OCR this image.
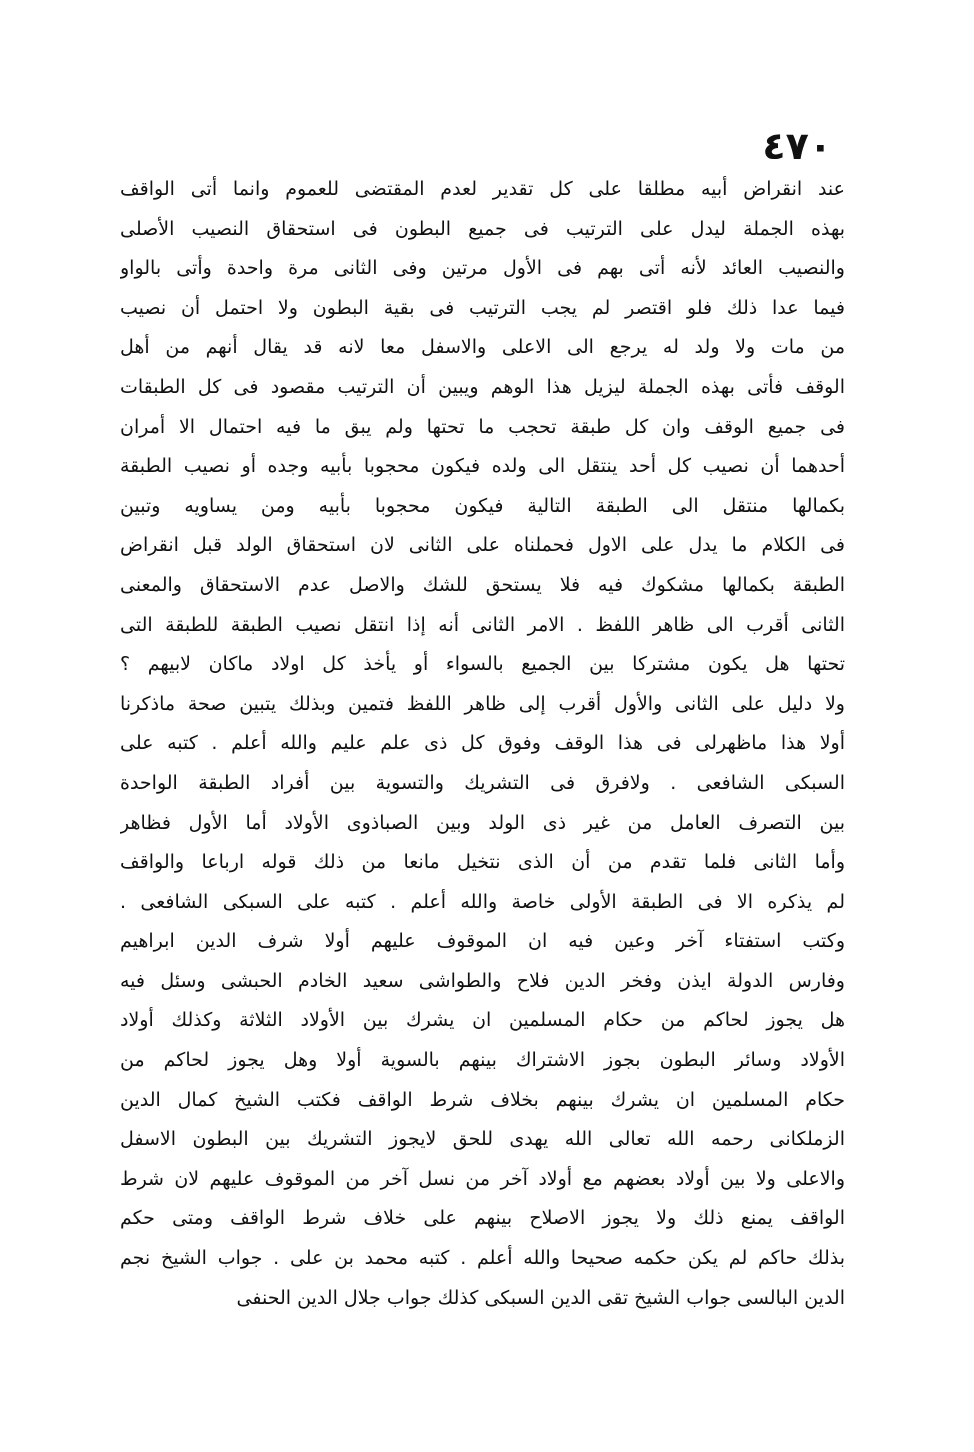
٤٧٠
عند انقراض أبيه مطلقا على كل تقدير لعدم المقتضى للعموم وانما أتى الواقف
بهذه الجملة ليدل على الترتيب فى جميع البطون فى استحقاق النصيب الأصلى
والنصيب العائد لأنه أتى بهم فى الأول مرتين وفى الثانى مرة واحدة وأتى بالواو
فيما عدا ذلك فلو اقتصر لم يجب الترتيب فى بقية البطون ولا احتمل أن نصيب
من مات ولا ولد له يرجع الى الاعلى والاسفل معا لانه قد يقال أنهم من أهل
الوقف فأتى بهذه الجملة ليزيل هذا الوهم ويبين أن الترتيب مقصود فى كل الطبقات
فى جميع الوقف وان كل طبقة تحجب ما تحتها ولم يبق ما فيه احتمال الا أمران
أحدهما أن نصيب كل أحد ينتقل الى ولده فيكون محجوبا بأبيه وجده أو نصيب الطبقة
بكمالها منتقل الى الطبقة التالية فيكون محجوبا بأبيه ومن يساويه وتبين
فى الكلام ما يدل على الاول فحملناه على الثانى لان استحقاق الولد قبل انقراض
الطبقة بكمالها مشكوك فيه فلا يستحق للشك والاصل عدم الاستحقاق والمعنى
الثانى أقرب الى ظاهر اللفظ . الامر الثانى أنه إذا انتقل نصيب الطبقة للطبقة التى
تحتها هل يكون مشتركا بين الجميع بالسواء أو يأخذ كل اولاد ماكان لابيهم ؟
ولا دليل على الثانى والأول أقرب إلى ظاهر اللفظ فتمين وبذلك يتبين صحة ماذكرنا
أولا هذا ماظهرلى فى هذا الوقف وفوق كل ذى علم عليم والله أعلم . كتبه على
السبكى الشافعى . ولافرق فى التشريك والتسوية بين أفراد الطبقة الواحدة
بين التصرف العامل من غير ذى الولد وبين الصباذوى الأولاد أما الأول فظاهر
وأما الثانى فلما تقدم من أن الذى نتخيل مانعا من ذلك قوله ارباعا والواقف
لم يذكره الا فى الطبقة الأولى خاصة والله أعلم . كتبه على السبكى الشافعى .
وكتب استفتاء آخر وعين فيه ان الموقوف عليهم أولا شرف الدين ابراهيم
وفارس الدولة ايذن وفخر الدين فلاح والطواشى سعيد الخادم الحبشى وسئل فيه
هل يجوز لحاكم من حكام المسلمين ان يشرك بين الأولاد الثلاثة وكذلك أولاد
الأولاد وسائر البطون بجوز الاشتراك بينهم بالسوية أولا وهل يجوز لحاكم من
حكام المسلمين ان يشرك بينهم بخلاف شرط الواقف فكتب الشيخ كمال الدين
الزملكانى رحمه الله تعالى الله يهدى للحق لايجوز التشريك بين البطون الاسفل
والاعلى ولا بين أولاد بعضهم مع أولاد آخر من نسل آخر من الموقوف عليهم لان شرط
الواقف يمنع ذلك ولا يجوز الاصلاح بينهم على خلاف شرط الواقف ومتى حكم
بذلك حاكم لم يكن حكمه صحيحا والله أعلم . كتبه محمد بن على . جواب الشيخ نجم
الدين البالسى جواب الشيخ تقى الدين السبكى كذلك جواب جلال الدين الحنفى
